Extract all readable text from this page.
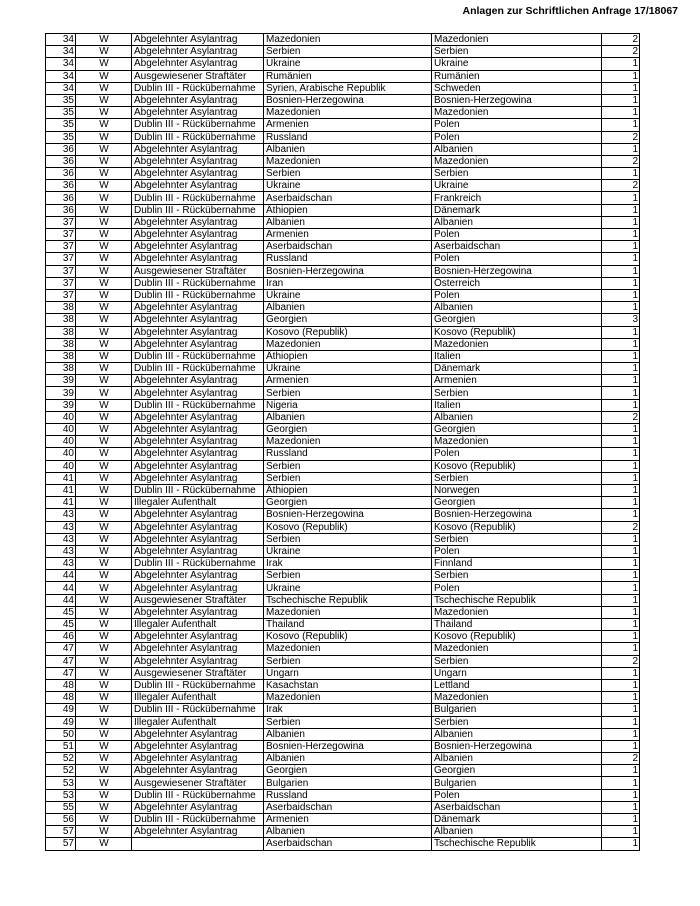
Anlagen zur Schriftlichen Anfrage 17/18067
34	W	Abgelehnter Asylantrag	Mazedonien	Mazedonien	2
34	W	Abgelehnter Asylantrag	Serbien	Serbien	2
34	W	Abgelehnter Asylantrag	Ukraine	Ukraine	1
34	W	Ausgewiesener Straftäter	Rumänien	Rumänien	1
34	W	Dublin III - Rückübernahme	Syrien, Arabische Republik	Schweden	1
35	W	Abgelehnter Asylantrag	Bosnien-Herzegowina	Bosnien-Herzegowina	1
35	W	Abgelehnter Asylantrag	Mazedonien	Mazedonien	1
35	W	Dublin III - Rückübernahme	Armenien	Polen	1
35	W	Dublin III - Rückübernahme	Russland	Polen	2
36	W	Abgelehnter Asylantrag	Albanien	Albanien	1
36	W	Abgelehnter Asylantrag	Mazedonien	Mazedonien	2
36	W	Abgelehnter Asylantrag	Serbien	Serbien	1
36	W	Abgelehnter Asylantrag	Ukraine	Ukraine	2
36	W	Dublin III - Rückübernahme	Aserbaidschan	Frankreich	1
36	W	Dublin III - Rückübernahme	Äthiopien	Dänemark	1
37	W	Abgelehnter Asylantrag	Albanien	Albanien	1
37	W	Abgelehnter Asylantrag	Armenien	Polen	1
37	W	Abgelehnter Asylantrag	Aserbaidschan	Aserbaidschan	1
37	W	Abgelehnter Asylantrag	Russland	Polen	1
37	W	Ausgewiesener Straftäter	Bosnien-Herzegowina	Bosnien-Herzegowina	1
37	W	Dublin III - Rückübernahme	Iran	Österreich	1
37	W	Dublin III - Rückübernahme	Ukraine	Polen	1
38	W	Abgelehnter Asylantrag	Albanien	Albanien	1
38	W	Abgelehnter Asylantrag	Georgien	Georgien	3
38	W	Abgelehnter Asylantrag	Kosovo (Republik)	Kosovo (Republik)	1
38	W	Abgelehnter Asylantrag	Mazedonien	Mazedonien	1
38	W	Dublin III - Rückübernahme	Äthiopien	Italien	1
38	W	Dublin III - Rückübernahme	Ukraine	Dänemark	1
39	W	Abgelehnter Asylantrag	Armenien	Armenien	1
39	W	Abgelehnter Asylantrag	Serbien	Serbien	1
39	W	Dublin III - Rückübernahme	Nigeria	Italien	1
40	W	Abgelehnter Asylantrag	Albanien	Albanien	2
40	W	Abgelehnter Asylantrag	Georgien	Georgien	1
40	W	Abgelehnter Asylantrag	Mazedonien	Mazedonien	1
40	W	Abgelehnter Asylantrag	Russland	Polen	1
40	W	Abgelehnter Asylantrag	Serbien	Kosovo (Republik)	1
41	W	Abgelehnter Asylantrag	Serbien	Serbien	1
41	W	Dublin III - Rückübernahme	Äthiopien	Norwegen	1
41	W	Illegaler Aufenthalt	Georgien	Georgien	1
43	W	Abgelehnter Asylantrag	Bosnien-Herzegowina	Bosnien-Herzegowina	1
43	W	Abgelehnter Asylantrag	Kosovo (Republik)	Kosovo (Republik)	2
43	W	Abgelehnter Asylantrag	Serbien	Serbien	1
43	W	Abgelehnter Asylantrag	Ukraine	Polen	1
43	W	Dublin III - Rückübernahme	Irak	Finnland	1
44	W	Abgelehnter Asylantrag	Serbien	Serbien	1
44	W	Abgelehnter Asylantrag	Ukraine	Polen	1
44	W	Ausgewiesener Straftäter	Tschechische Republik	Tschechische Republik	1
45	W	Abgelehnter Asylantrag	Mazedonien	Mazedonien	1
45	W	Illegaler Aufenthalt	Thailand	Thailand	1
46	W	Abgelehnter Asylantrag	Kosovo (Republik)	Kosovo (Republik)	1
47	W	Abgelehnter Asylantrag	Mazedonien	Mazedonien	1
47	W	Abgelehnter Asylantrag	Serbien	Serbien	2
47	W	Ausgewiesener Straftäter	Ungarn	Ungarn	1
48	W	Dublin III - Rückübernahme	Kasachstan	Lettland	1
48	W	Illegaler Aufenthalt	Mazedonien	Mazedonien	1
49	W	Dublin III - Rückübernahme	Irak	Bulgarien	1
49	W	Illegaler Aufenthalt	Serbien	Serbien	1
50	W	Abgelehnter Asylantrag	Albanien	Albanien	1
51	W	Abgelehnter Asylantrag	Bosnien-Herzegowina	Bosnien-Herzegowina	1
52	W	Abgelehnter Asylantrag	Albanien	Albanien	2
52	W	Abgelehnter Asylantrag	Georgien	Georgien	1
53	W	Ausgewiesener Straftäter	Bulgarien	Bulgarien	1
53	W	Dublin III - Rückübernahme	Russland	Polen	1
55	W	Abgelehnter Asylantrag	Aserbaidschan	Aserbaidschan	1
56	W	Dublin III - Rückübernahme	Armenien	Dänemark	1
57	W	Abgelehnter Asylantrag	Albanien	Albanien	1
57	W		Aserbaidschan	Tschechische Republik	1
